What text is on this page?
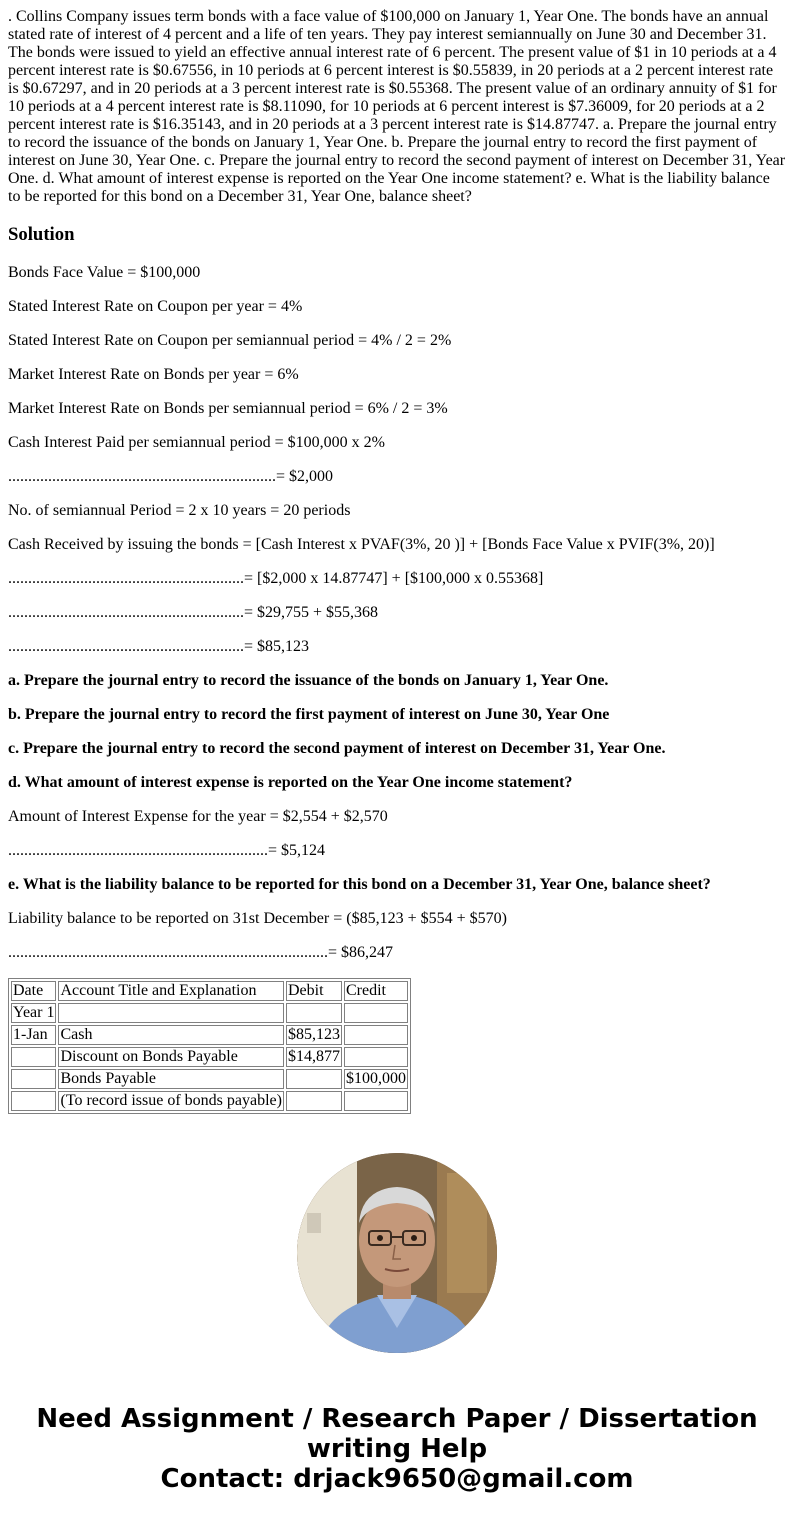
. Collins Company issues term bonds with a face value of $100,000 on January 1, Year One. The bonds have an annual stated rate of interest of 4 percent and a life of ten years. They pay interest semiannually on June 30 and December 31. The bonds were issued to yield an effective annual interest rate of 6 percent. The present value of $1 in 10 periods at a 4 percent interest rate is $0.67556, in 10 periods at 6 percent interest is $0.55839, in 20 periods at a 2 percent interest rate is $0.67297, and in 20 periods at a 3 percent interest rate is $0.55368. The present value of an ordinary annuity of $1 for 10 periods at a 4 percent interest rate is $8.11090, for 10 periods at 6 percent interest is $7.36009, for 20 periods at a 2 percent interest rate is $16.35143, and in 20 periods at a 3 percent interest rate is $14.87747. a. Prepare the journal entry to record the issuance of the bonds on January 1, Year One. b. Prepare the journal entry to record the first payment of interest on June 30, Year One. c. Prepare the journal entry to record the second payment of interest on December 31, Year One. d. What amount of interest expense is reported on the Year One income statement? e. What is the liability balance to be reported for this bond on a December 31, Year One, balance sheet?
Solution

Bonds Face Value = $100,000

Stated Interest Rate on Coupon per year = 4%

Stated Interest Rate on Coupon per semiannual period = 4% / 2 = 2%

Market Interest Rate on Bonds per year = 6%

Market Interest Rate on Bonds per semiannual period = 6% / 2 = 3%

Cash Interest Paid per semiannual period = $100,000 x 2%

...................................................................= $2,000

No. of semiannual Period = 2 x 10 years = 20 periods

Cash Received by issuing the bonds = [Cash Interest x PVAF(3%, 20 )] + [Bonds Face Value x PVIF(3%, 20)]

...........................................................= [$2,000 x 14.87747] + [$100,000 x 0.55368]

...........................................................= $29,755 + $55,368

...........................................................= $85,123

a. Prepare the journal entry to record the issuance of the bonds on January 1, Year One.

b. Prepare the journal entry to record the first payment of interest on June 30, Year One

c. Prepare the journal entry to record the second payment of interest on December 31, Year One.

d. What amount of interest expense is reported on the Year One income statement?

Amount of Interest Expense for the year = $2,554 + $2,570

.................................................................= $5,124

e. What is the liability balance to be reported for this bond on a December 31, Year One, balance sheet?

Liability balance to be reported on 31st December = ($85,123 + $554 + $570)

................................................................................= $86,247

Date	Account Title and Explanation	Debit	Credit
Year 1			
1-Jan	Cash	$85,123	
	Discount on Bonds Payable	$14,877	
	Bonds Payable		$100,000
	(To record issue of bonds payable)		
Need Assignment / Research Paper / Dissertation
writing Help
Contact: drjack9650@gmail.com
